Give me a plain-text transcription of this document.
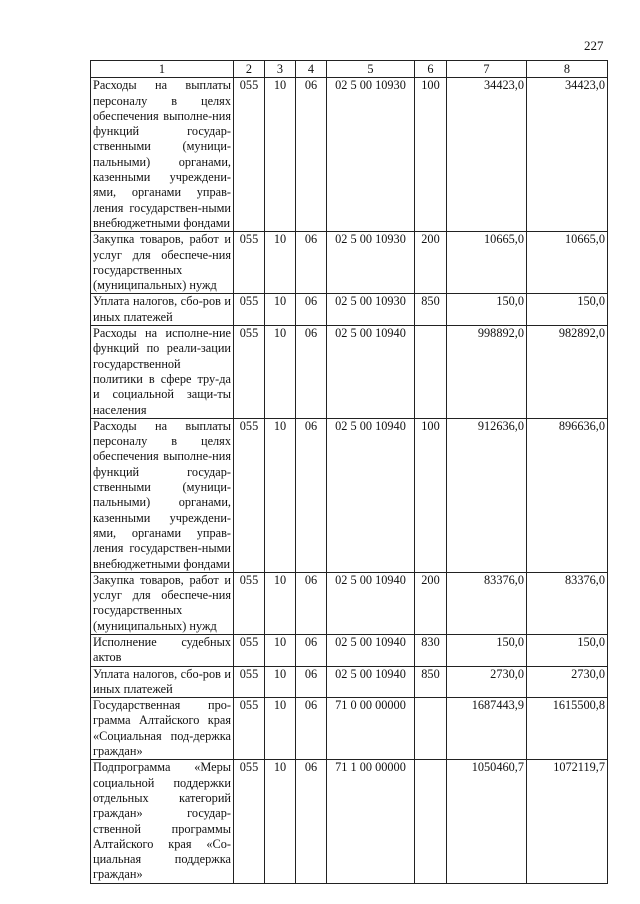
227
1	2	3	4	5	6	7	8
Расходы на выплаты персоналу в целях обеспечения выполне-ния функций государ-ственными (муници-пальными) органами, казенными учреждени-ями, органами управ-ления государствен-ными внебюджетными фондами	055	10	06	02 5 00 10930	100	34423,0	34423,0
Закупка товаров, работ и услуг для обеспече-ния государственных (муниципальных) нужд	055	10	06	02 5 00 10930	200	10665,0	10665,0
Уплата налогов, сбо-ров и иных платежей	055	10	06	02 5 00 10930	850	150,0	150,0
Расходы на исполне-ние функций по реали-зации государственной политики в сфере тру-да и социальной защи-ты населения	055	10	06	02 5 00 10940		998892,0	982892,0
Расходы на выплаты персоналу в целях обеспечения выполне-ния функций государ-ственными (муници-пальными) органами, казенными учреждени-ями, органами управ-ления государствен-ными внебюджетными фондами	055	10	06	02 5 00 10940	100	912636,0	896636,0
Закупка товаров, работ и услуг для обеспече-ния государственных (муниципальных) нужд	055	10	06	02 5 00 10940	200	83376,0	83376,0
Исполнение судебных актов	055	10	06	02 5 00 10940	830	150,0	150,0
Уплата налогов, сбо-ров и иных платежей	055	10	06	02 5 00 10940	850	2730,0	2730,0
Государственная про-грамма Алтайского края «Социальная под-держка граждан»	055	10	06	71 0 00 00000		1687443,9	1615500,8
Подпрограмма «Меры социальной поддержки отдельных категорий граждан» государ-ственной программы Алтайского края «Со-циальная поддержка граждан»	055	10	06	71 1 00 00000		1050460,7	1072119,7
